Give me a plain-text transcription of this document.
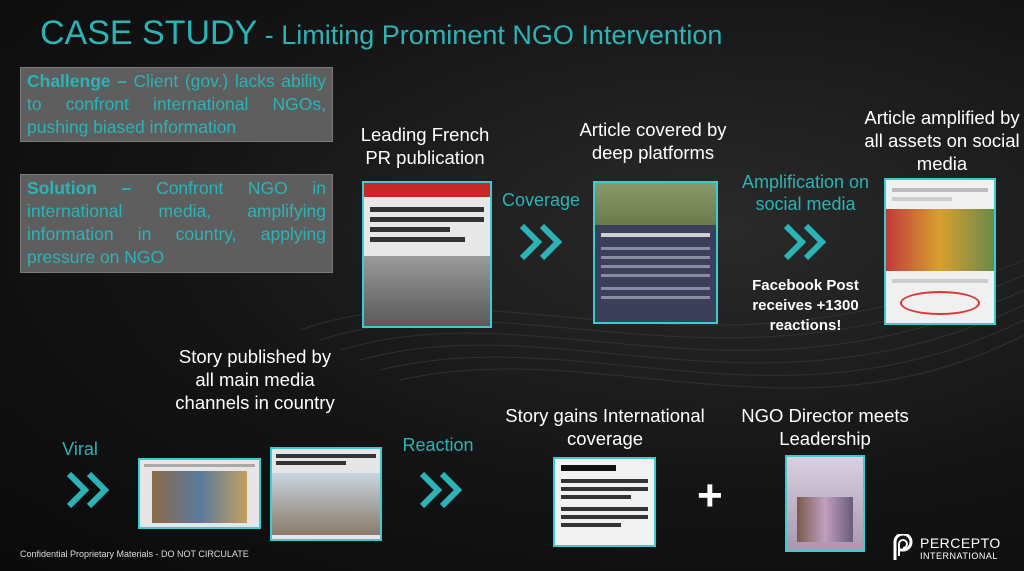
CASE STUDY - Limiting Prominent NGO Intervention
Challenge – Client (gov.) lacks ability to confront international NGOs, pushing biased information
Solution – Confront NGO in international media, amplifying information in country, applying pressure on NGO
Leading French PR publication
Coverage
Article covered by deep platforms
Amplification on social media
Facebook Post receives +1300 reactions!
Article amplified by all assets on social media
Viral
Story published by all main media channels in country
Reaction
Story gains International coverage
+
NGO Director meets Leadership
Confidential Proprietary Materials - DO NOT CIRCULATE
PERCEPTO
INTERNATIONAL
